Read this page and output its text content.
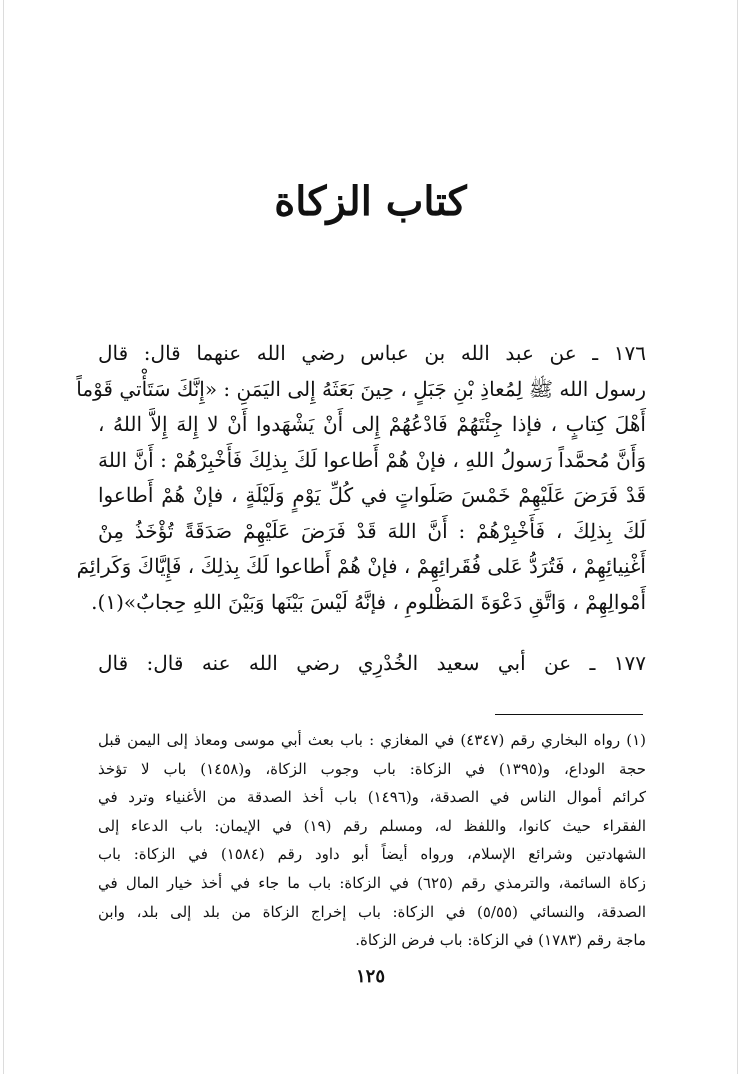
كتاب الزكاة
١٧٦ ـ عن عبد الله بن عباس رضي الله عنهما قال: قال
رسول الله ﷺ لِمُعاذِ بْنِ جَبَلٍ ، حِينَ بَعَثَهُ إِلى اليَمَنِ : «إِنَّكَ سَتَأْتي قَوْماً
أَهْلَ كِتابٍ ، فإذا جِئْتَهُمْ فَادْعُهُمْ إِلى أَنْ يَشْهَدوا أَنْ لا إِلهَ إِلاَّ اللهُ ،
وَأَنَّ مُحمَّداً رَسولُ اللهِ ، فإنْ هُمْ أَطاعوا لَكَ بِذلِكَ فَأَخْبِرْهُمْ : أَنَّ اللهَ
قَدْ فَرَضَ عَلَيْهِمْ خَمْسَ صَلَواتٍ في كُلِّ يَوْمٍ وَلَيْلَةٍ ، فإنْ هُمْ أَطاعوا
لَكَ بِذلِكَ ، فَأَخْبِرْهُمْ : أَنَّ اللهَ قَدْ فَرَضَ عَلَيْهِمْ صَدَقَةً تُؤْخَذُ مِنْ
أَغْنِيائِهِمْ ، فَتُرَدُّ عَلى فُقَرائِهِمْ ، فإنْ هُمْ أَطاعوا لَكَ بِذلِكَ ، فَإِيَّاكَ وَكَرائِمَ
أَمْوالِهِمْ ، وَاتَّقِ دَعْوَةَ المَظْلومِ ، فإنَّهُ لَيْسَ بَيْنَها وَبَيْنَ اللهِ حِجابٌ»(١).
١٧٧ ـ عن أبي سعيد الخُدْرِي رضي الله عنه قال: قال
(١) رواه البخاري رقم (٤٣٤٧) في المغازي : باب بعث أبي موسى ومعاذ إلى اليمن قبل
حجة الوداع، و(١٣٩٥) في الزكاة: باب وجوب الزكاة، و(١٤٥٨) باب لا تؤخذ
كرائم أموال الناس في الصدقة، و(١٤٩٦) باب أخذ الصدقة من الأغنياء وترد في
الفقراء حيث كانوا، واللفظ له، ومسلم رقم (١٩) في الإيمان: باب الدعاء إلى
الشهادتين وشرائع الإسلام، ورواه أيضاً أبو داود رقم (١٥٨٤) في الزكاة: باب
زكاة السائمة، والترمذي رقم (٦٢٥) في الزكاة: باب ما جاء في أخذ خيار المال في
الصدقة، والنسائي (٥/٥٥) في الزكاة: باب إخراج الزكاة من بلد إلى بلد، وابن
ماجة رقم (١٧٨٣) في الزكاة: باب فرض الزكاة.
١٢٥
